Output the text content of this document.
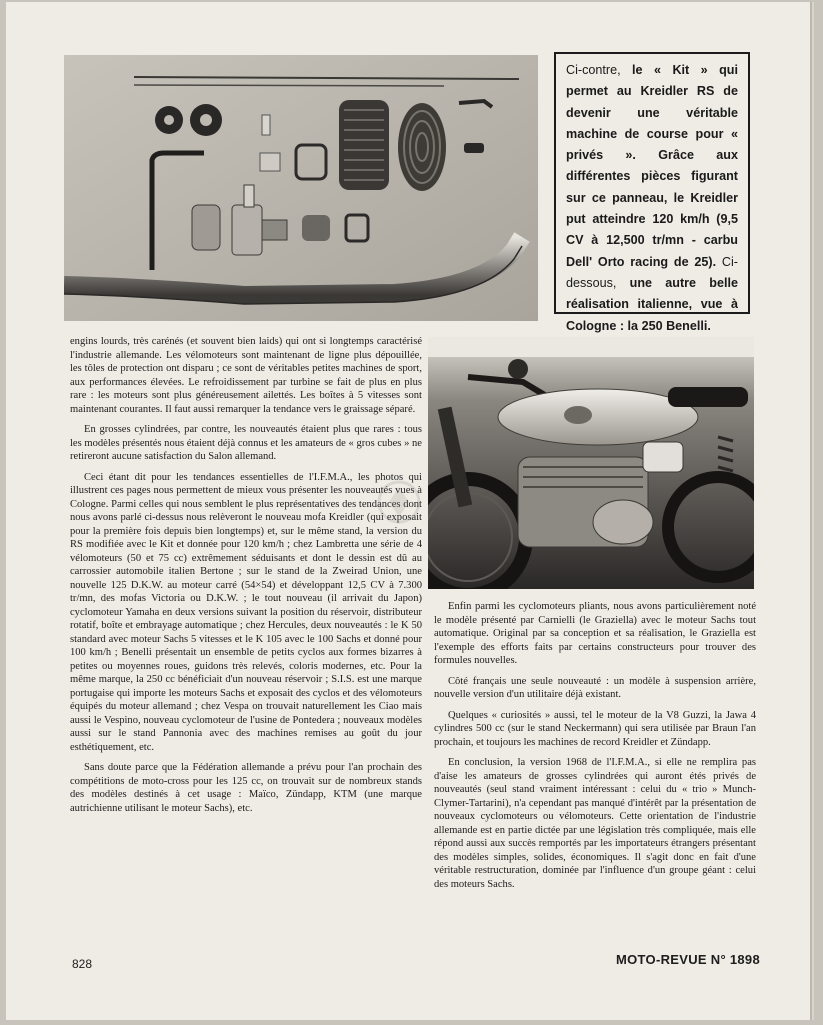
Ci-contre, le « Kit » qui permet au Kreidler RS de devenir une véritable machine de course pour « privés ». Grâce aux différentes pièces figurant sur ce panneau, le Kreidler put atteindre 120 km/h (9,5 CV à 12,500 tr/mn - carbu Dell' Orto racing de 25). Ci-dessous, une autre belle réalisation italienne, vue à Cologne : la 250 Benelli.

engins lourds, très carénés (et souvent bien laids) qui ont si longtemps caractérisé l'industrie allemande. Les vélomoteurs sont maintenant de ligne plus dépouillée, les tôles de protection ont disparu ; ce sont de véritables petites machines de sport, aux performances élevées. Le refroidissement par turbine se fait de plus en plus rare : les moteurs sont plus généreusement ailettés. Les boîtes à 5 vitesses sont maintenant courantes. Il faut aussi remarquer la tendance vers le graissage séparé.

En grosses cylindrées, par contre, les nouveautés étaient plus que rares : tous les modèles présentés nous étaient déjà connus et les amateurs de « gros cubes » ne retireront aucune satisfaction du Salon allemand.

Ceci étant dit pour les tendances essentielles de l'I.F.M.A., les photos qui illustrent ces pages nous permettent de mieux vous présenter les nouveautés vues à Cologne. Parmi celles qui nous semblent le plus représentatives des tendances dont nous avons parlé ci-dessus nous relèveront le nouveau mofa Kreidler (qui exposait pour la première fois depuis bien longtemps) et, sur le même stand, la version du RS modifiée avec le Kit et donnée pour 120 km/h ; chez Lambretta une série de 4 vélomoteurs (50 et 75 cc) extrêmement séduisants et dont le dessin est dû au carrossier automobile italien Bertone ; sur le stand de la Zweirad Union, une nouvelle 125 D.K.W. au moteur carré (54×54) et développant 12,5 CV à 7.300 tr/mn, des mofas Victoria ou D.K.W. ; le tout nouveau (il arrivait du Japon) cyclomoteur Yamaha en deux versions suivant la position du réservoir, distributeur rotatif, boîte et embrayage automatique ; chez Hercules, deux nouveautés : le K 50 standard avec moteur Sachs 5 vitesses et le K 105 avec le 100 Sachs et donné pour 100 km/h ; Benelli présentait un ensemble de petits cyclos aux formes bizarres à petites ou moyennes roues, guidons très relevés, coloris modernes, etc. Pour la même marque, la 250 cc bénéficiait d'un nouveau réservoir ; S.I.S. est une marque portugaise qui importe les moteurs Sachs et exposait des cyclos et des vélomoteurs équipés du moteur allemand ; chez Vespa on trouvait naturellement les Ciao mais aussi le Vespino, nouveau cyclomoteur de l'usine de Pontedera ; nouveaux modèles aussi sur le stand Pannonia avec des machines remises au goût du jour esthétiquement, etc.

Sans doute parce que la Fédération allemande a prévu pour l'an prochain des compétitions de moto-cross pour les 125 cc, on trouvait sur de nombreux stands des modèles destinés à cet usage : Maïco, Zündapp, KTM (une marque autrichienne utilisant le moteur Sachs), etc.

Enfin parmi les cyclomoteurs pliants, nous avons particulièrement noté le modèle présenté par Carnielli (le Graziella) avec le moteur Sachs tout automatique. Original par sa conception et sa réalisation, le Graziella est l'exemple des efforts faits par certains constructeurs pour trouver des formules nouvelles.

Côté français une seule nouveauté : un modèle à suspension arrière, nouvelle version d'un utilitaire déjà existant.

Quelques « curiosités » aussi, tel le moteur de la V8 Guzzi, la Jawa 4 cylindres 500 cc (sur le stand Neckermann) qui sera utilisée par Braun l'an prochain, et toujours les machines de record Kreidler et Zündapp.

En conclusion, la version 1968 de l'I.F.M.A., si elle ne remplira pas d'aise les amateurs de grosses cylindrées qui auront étés privés de nouveautés (seul stand vraiment intéressant : celui du « trio » Munch-Clymer-Tartarini), n'a cependant pas manqué d'intérêt par la présentation de nouveaux cyclomoteurs ou vélomoteurs. Cette orientation de l'industrie allemande est en partie dictée par une législation très compliquée, mais elle répond aussi aux succès remportés par les importateurs étrangers présentant des modèles simples, solides, économiques. Il s'agit donc en fait d'une véritable restructuration, dominée par l'influence d'un groupe géant : celui des moteurs Sachs.

828	MOTO-REVUE N° 1898
